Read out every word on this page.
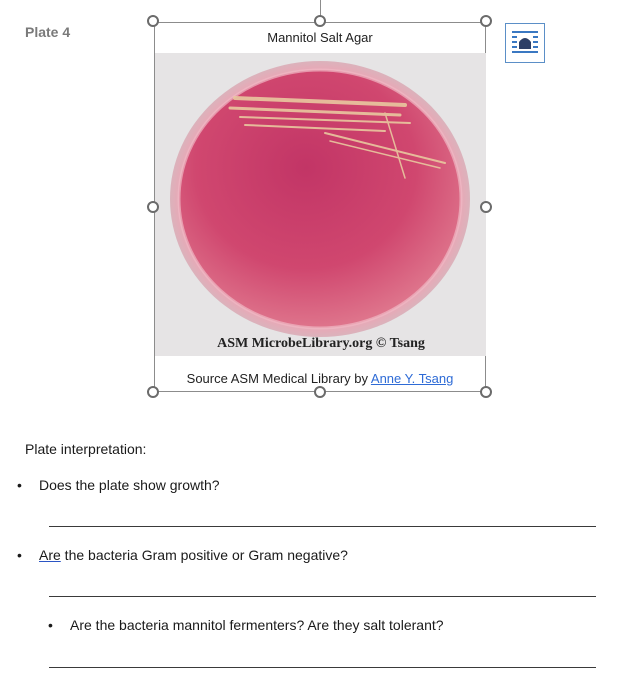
Plate 4	Mannitol Salt Agar
ASM MicrobeLibrary.org © Tsang
Source ASM Medical Library by Anne Y. Tsang
Plate interpretation:
• Does the plate show growth?
• Are the bacteria Gram positive or Gram negative?
• Are the bacteria mannitol fermenters? Are they salt tolerant?
